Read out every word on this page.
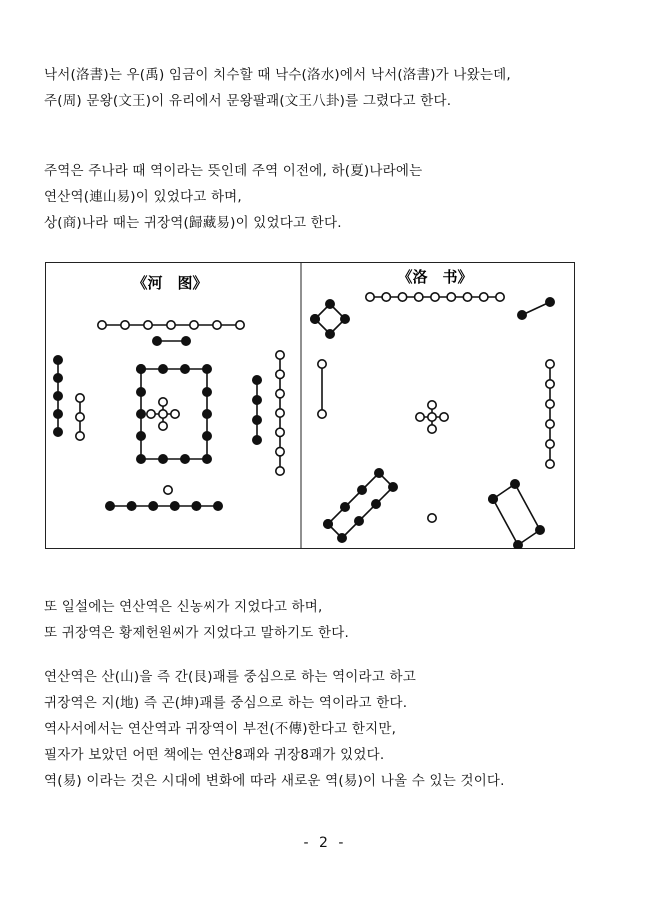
낙서(洛書)는 우(禹) 임금이 치수할 때 낙수(洛水)에서 낙서(洛書)가 나왔는데,
주(周) 문왕(文王)이 유리에서 문왕팔괘(文王八卦)를 그렸다고 한다.
주역은 주나라 때 역이라는 뜻인데 주역 이전에, 하(夏)나라에는
연산역(連山易)이 있었다고 하며,
상(商)나라 때는 귀장역(歸藏易)이 있었다고 한다.
《河　图》	《洛　书》
또 일설에는 연산역은 신농씨가 지었다고 하며,
또 귀장역은 황제헌원씨가 지었다고 말하기도 한다.
연산역은 산(山)을 즉 간(艮)괘를 중심으로 하는 역이라고 하고
귀장역은 지(地) 즉 곤(坤)괘를 중심으로 하는 역이라고 한다.
역사서에서는 연산역과 귀장역이 부전(不傳)한다고 한지만,
필자가 보았던 어떤 책에는 연산8괘와 귀장8괘가 있었다.
역(易) 이라는 것은 시대에 변화에 따라 새로운 역(易)이 나올 수 있는 것이다.
- 2 -
